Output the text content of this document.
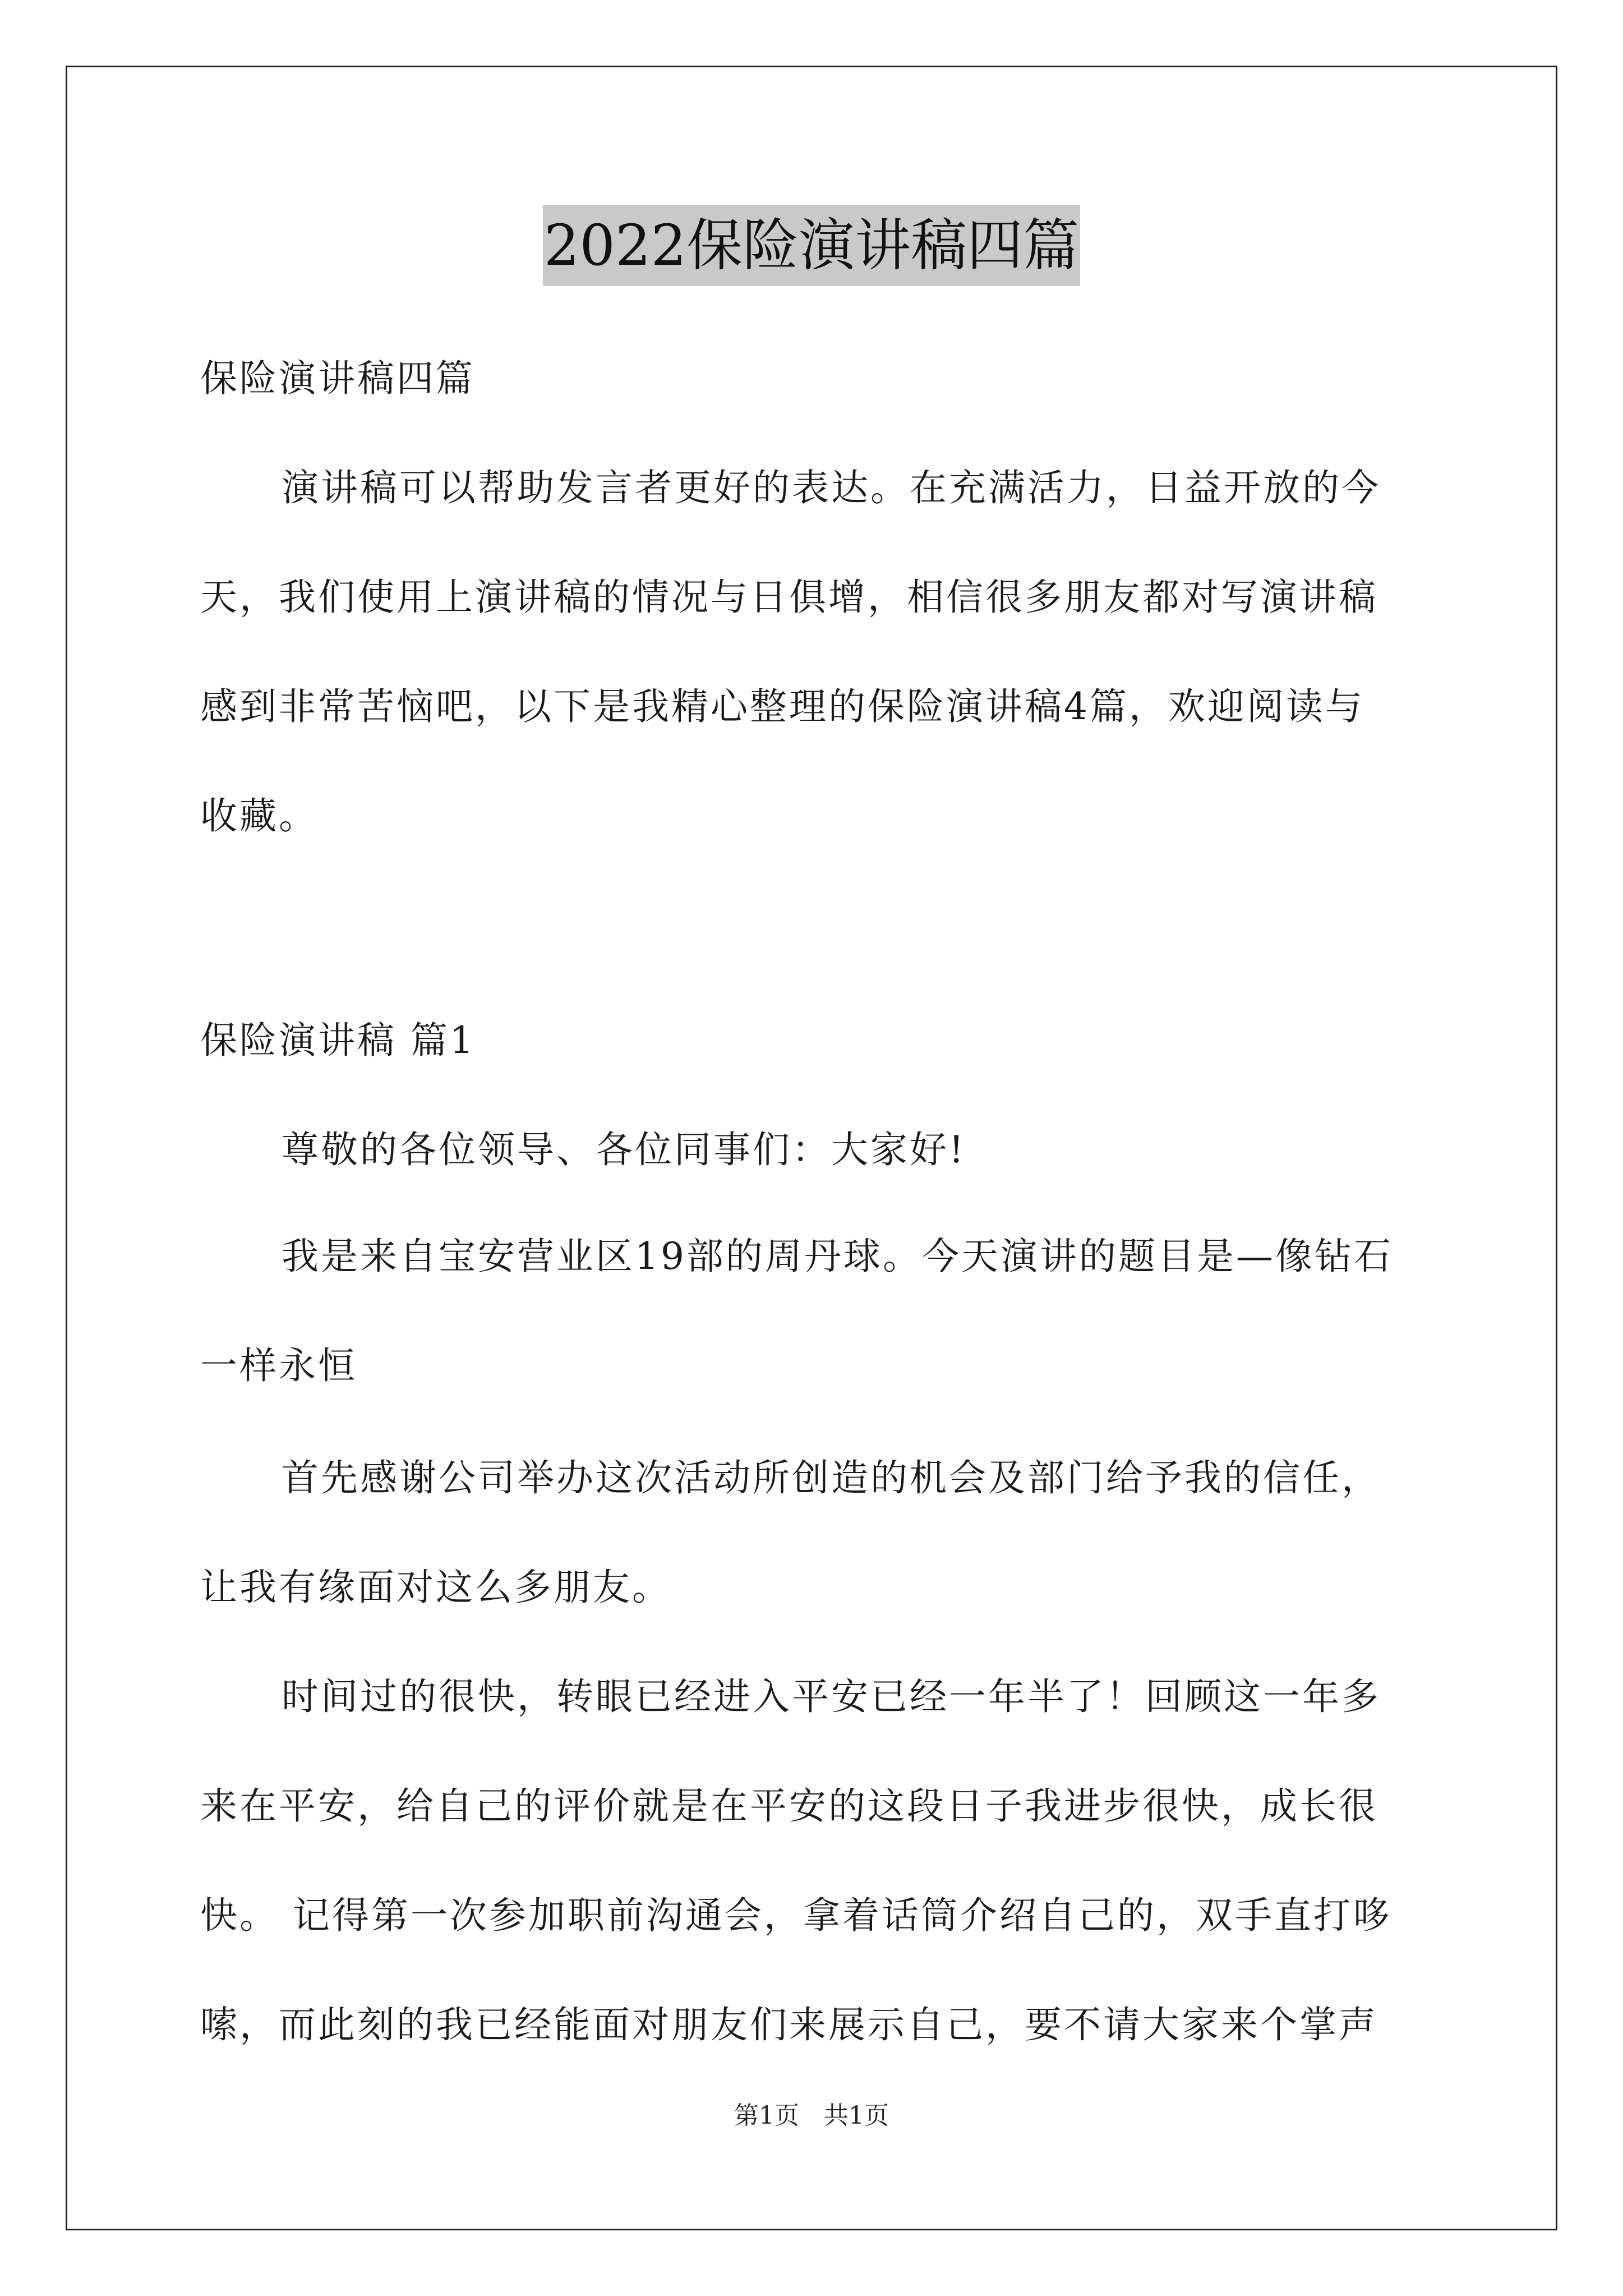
2022保险演讲稿四篇
保险演讲稿四篇
演讲稿可以帮助发言者更好的表达。在充满活力，日益开放的今
天，我们使用上演讲稿的情况与日俱增，相信很多朋友都对写演讲稿
感到非常苦恼吧，以下是我精心整理的保险演讲稿4篇，欢迎阅读与
收藏。
保险演讲稿 篇1
尊敬的各位领导、各位同事们：大家好!
我是来自宝安营业区19部的周丹球。今天演讲的题目是—像钻石
一样永恒
首先感谢公司举办这次活动所创造的机会及部门给予我的信任，
让我有缘面对这么多朋友。
时间过的很快，转眼已经进入平安已经一年半了！回顾这一年多
来在平安，给自己的评价就是在平安的这段日子我进步很快，成长很
快。 记得第一次参加职前沟通会，拿着话筒介绍自己的，双手直打哆
嗦，而此刻的我已经能面对朋友们来展示自己，要不请大家来个掌声
第1页　共1页
